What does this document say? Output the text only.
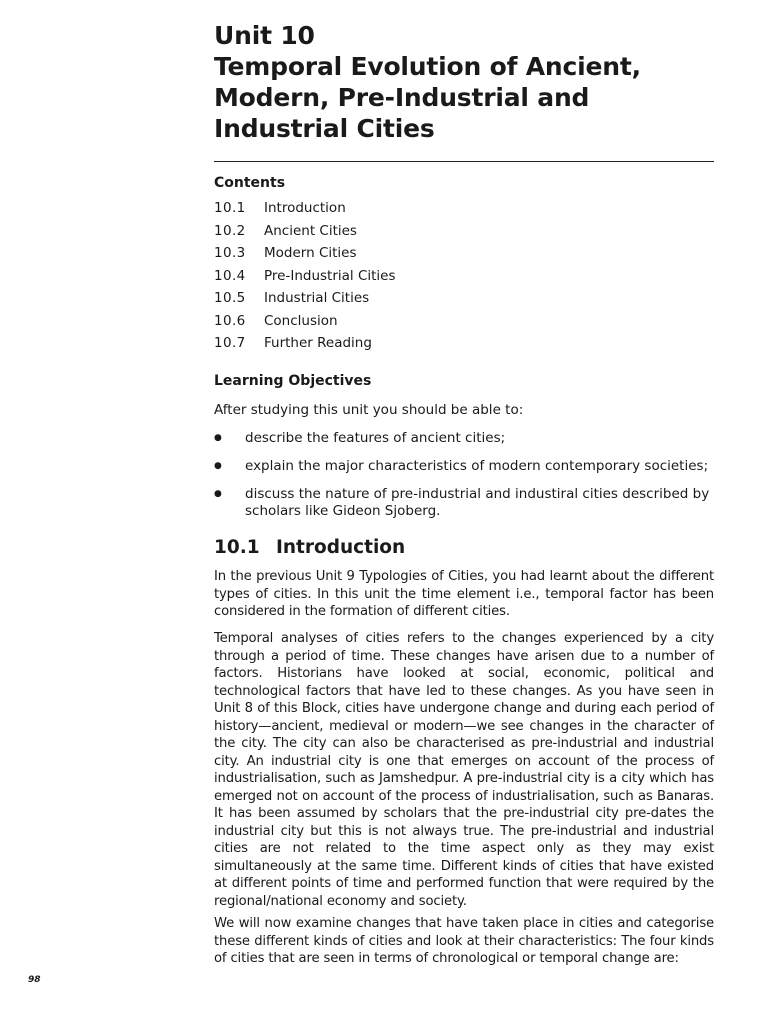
Unit 10
Temporal Evolution of Ancient,
Modern, Pre-Industrial and
Industrial Cities
Contents
10.1 Introduction
10.2 Ancient Cities
10.3 Modern Cities
10.4 Pre-Industrial Cities
10.5 Industrial Cities
10.6 Conclusion
10.7 Further Reading
Learning Objectives
After studying this unit you should be able to:
● describe the features of ancient cities;
● explain the major characteristics of modern contemporary societies;
● discuss the nature of pre-industrial and industiral cities described by scholars like Gideon Sjoberg.
10.1 Introduction

In the previous Unit 9 Typologies of Cities, you had learnt about the different types of cities. In this unit the time element i.e., temporal factor has been considered in the formation of different cities.

Temporal analyses of cities refers to the changes experienced by a city through a period of time. These changes have arisen due to a number of factors. Historians have looked at social, economic, political and technological factors that have led to these changes. As you have seen in Unit 8 of this Block, cities have undergone change and during each period of history—ancient, medieval or modern—we see changes in the character of the city. The city can also be characterised as pre-industrial and industrial city. An industrial city is one that emerges on account of the process of industrialisation, such as Jamshedpur. A pre-industrial city is a city which has emerged not on account of the process of industrialisation, such as Banaras. It has been assumed by scholars that the pre-industrial city pre-dates the industrial city but this is not always true. The pre-industrial and industrial cities are not related to the time aspect only as they may exist simultaneously at the same time. Different kinds of cities that have existed at different points of time and performed function that were required by the regional/national economy and society.

We will now examine changes that have taken place in cities and categorise these different kinds of cities and look at their characteristics: The four kinds of cities that are seen in terms of chronological or temporal change are:

98
